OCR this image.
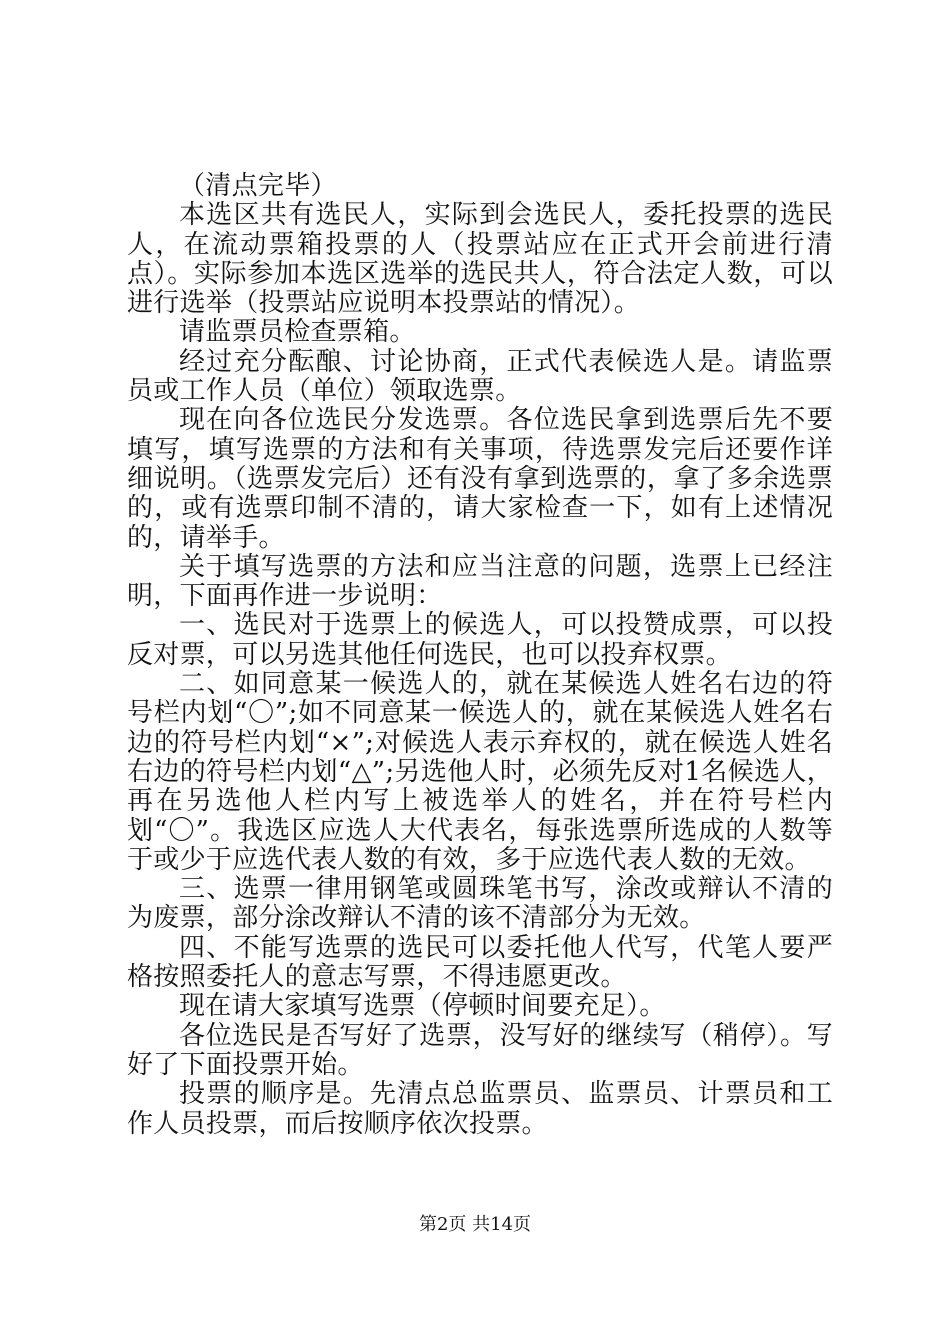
（清点完毕）

本选区共有选民人，实际到会选民人，委托投票的选民人，在流动票箱投票的人（投票站应在正式开会前进行清点）。实际参加本选区选举的选民共人，符合法定人数，可以进行选举（投票站应说明本投票站的情况）。

请监票员检查票箱。

经过充分酝酿、讨论协商，正式代表候选人是。请监票员或工作人员（单位）领取选票。

现在向各位选民分发选票。各位选民拿到选票后先不要填写，填写选票的方法和有关事项，待选票发完后还要作详细说明。（选票发完后）还有没有拿到选票的，拿了多余选票的，或有选票印制不清的，请大家检查一下，如有上述情况的，请举手。

关于填写选票的方法和应当注意的问题，选票上已经注明，下面再作进一步说明：

一、选民对于选票上的候选人，可以投赞成票，可以投反对票，可以另选其他任何选民，也可以投弃权票。

二、如同意某一候选人的，就在某候选人姓名右边的符号栏内划“〇”;如不同意某一候选人的，就在某候选人姓名右边的符号栏内划“×”;对候选人表示弃权的，就在候选人姓名右边的符号栏内划“△”;另选他人时，必须先反对1名候选人，再在另选他人栏内写上被选举人的姓名，并在符号栏内划“〇”。我选区应选人大代表名，每张选票所选成的人数等于或少于应选代表人数的有效，多于应选代表人数的无效。

三、选票一律用钢笔或圆珠笔书写，涂改或辩认不清的为废票，部分涂改辩认不清的该不清部分为无效。

四、不能写选票的选民可以委托他人代写，代笔人要严格按照委托人的意志写票，不得违愿更改。

现在请大家填写选票（停顿时间要充足）。

各位选民是否写好了选票，没写好的继续写（稍停）。写好了下面投票开始。

投票的顺序是。先清点总监票员、监票员、计票员和工作人员投票，而后按顺序依次投票。

第2页 共14页
